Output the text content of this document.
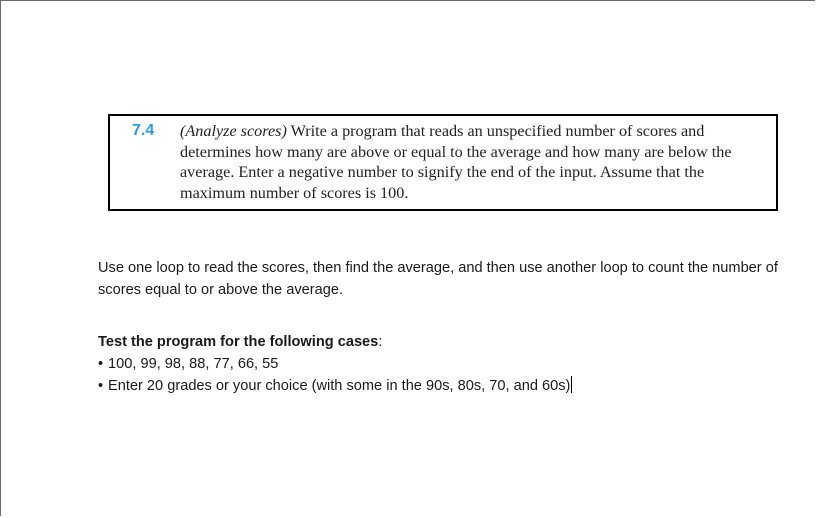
7.4 (Analyze scores) Write a program that reads an unspecified number of scores and determines how many are above or equal to the average and how many are below the average. Enter a negative number to signify the end of the input. Assume that the maximum number of scores is 100.
Use one loop to read the scores, then find the average, and then use another loop to count the number of scores equal to or above the average.
Test the program for the following cases:
• 100, 99, 98, 88, 77, 66, 55
• Enter 20 grades or your choice (with some in the 90s, 80s, 70, and 60s)
